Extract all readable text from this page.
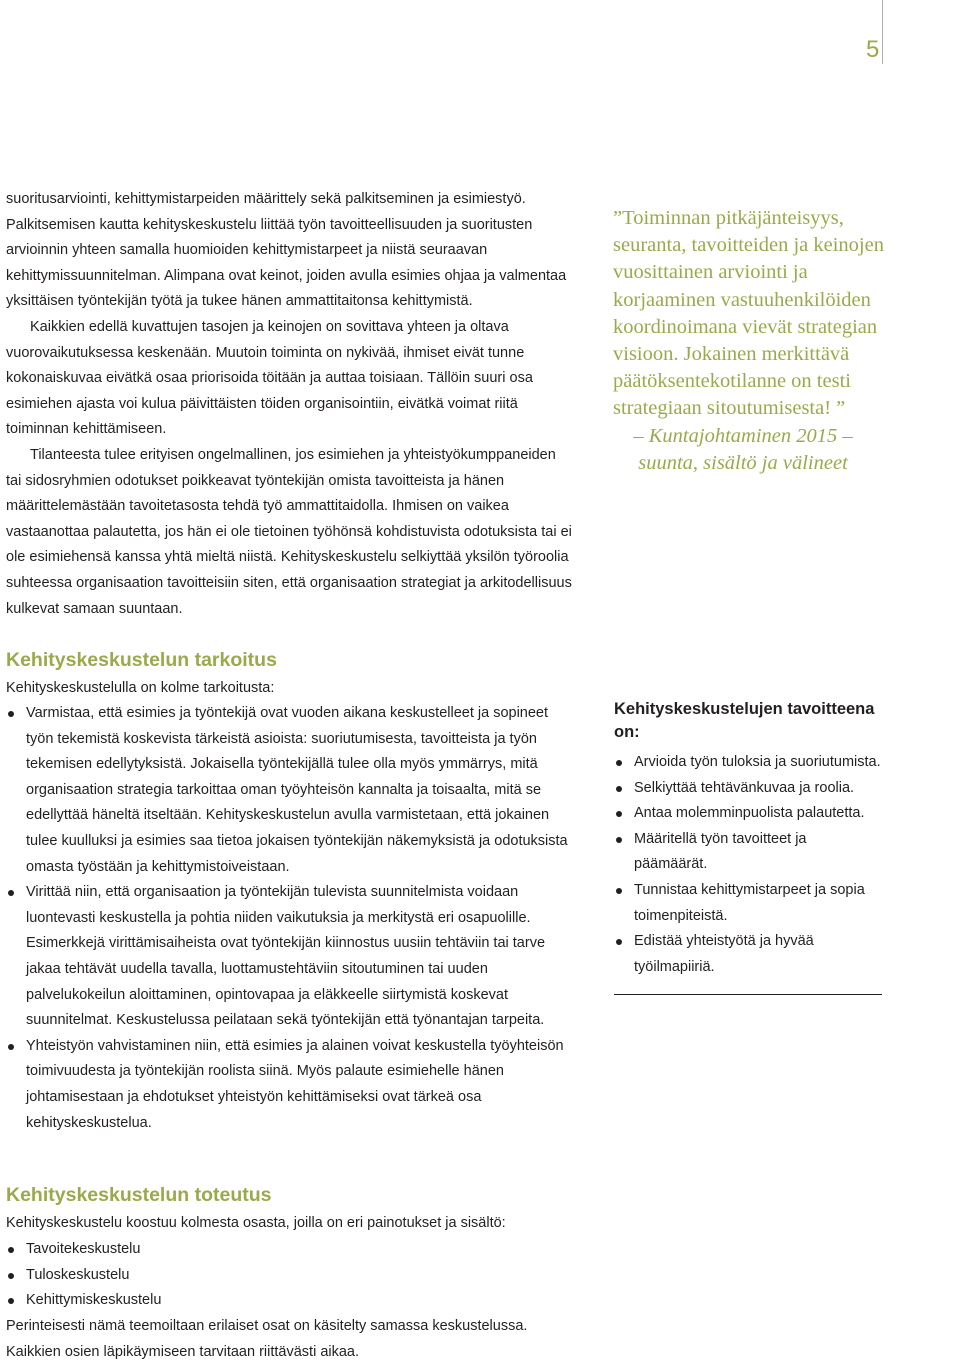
5

suoritusarviointi, kehittymistarpeiden määrittely sekä palkitseminen ja esimiestyö. Palkitsemisen kautta kehityskeskustelu liittää työn tavoitteellisuuden ja suoritusten arvioinnin yhteen samalla huomioiden kehittymistarpeet ja niistä seuraavan kehittymissuunnitelman. Alimpana ovat keinot, joiden avulla esimies ohjaa ja valmentaa yksittäisen työntekijän työtä ja tukee hänen ammattitaitonsa kehittymistä.

Kaikkien edellä kuvattujen tasojen ja keinojen on sovittava yhteen ja oltava vuorovaikutuksessa keskenään. Muutoin toiminta on nykivää, ihmiset eivät tunne kokonaiskuvaa eivätkä osaa priorisoida töitään ja auttaa toisiaan. Tällöin suuri osa esimiehen ajasta voi kulua päivittäisten töiden organisointiin, eivätkä voimat riitä toiminnan kehittämiseen.

Tilanteesta tulee erityisen ongelmallinen, jos esimiehen ja yhteistyökumppaneiden tai sidosryhmien odotukset poikkeavat työntekijän omista tavoitteista ja hänen määrittelemästään tavoitetasosta tehdä työ ammattitaidolla. Ihmisen on vaikea vastaanottaa palautetta, jos hän ei ole tietoinen työhönsä kohdistuvista odotuksista tai ei ole esimiehensä kanssa yhtä mieltä niistä. Kehityskeskustelu selkiyttää yksilön työroolia suhteessa organisaation tavoitteisiin siten, että organisaation strategiat ja arkitodellisuus kulkevat samaan suuntaan.

”Toiminnan pitkäjänteisyys, seuranta, tavoitteiden ja keinojen vuosittainen arviointi ja korjaaminen vastuuhenkilöiden koordinoimana vievät strategian visioon. Jokainen merkittävä päätöksentekotilanne on testi strategiaan sitoutumisesta! ”

– Kuntajohtaminen 2015 –

suunta, sisältö ja välineet

Kehityskeskustelun tarkoitus
Kehityskeskustelulla on kolme tarkoitusta:
Varmistaa, että esimies ja työntekijä ovat vuoden aikana keskustelleet ja sopineet työn tekemistä koskevista tärkeistä asioista: suoriutumisesta, tavoitteista ja työn tekemisen edellytyksistä. Jokaisella työntekijällä tulee olla myös ymmärrys, mitä organisaation strategia tarkoittaa oman työyhteisön kannalta ja toisaalta, mitä se edellyttää häneltä itseltään. Kehityskeskustelun avulla varmistetaan, että jokainen tulee kuulluksi ja esimies saa tietoa jokaisen työntekijän näkemyksistä ja odotuksista omasta työstään ja kehittymistoiveistaan.
Virittää niin, että organisaation ja työntekijän tulevista suunnitelmista voidaan luontevasti keskustella ja pohtia niiden vaikutuksia ja merkitystä eri osapuolille. Esimerkkejä virittämisaiheista ovat työntekijän kiinnostus uusiin tehtäviin tai tarve jakaa tehtävät uudella tavalla, luottamustehtäviin sitoutuminen tai uuden palvelukokeilun aloittaminen, opintovapaa ja eläkkeelle siirtymistä koskevat suunnitelmat. Keskustelussa peilataan sekä työntekijän että työnantajan tarpeita.
Yhteistyön vahvistaminen niin, että esimies ja alainen voivat keskustella työyhteisön toimivuudesta ja työntekijän roolista siinä. Myös palaute esimiehelle hänen johtamisestaan ja ehdotukset yhteistyön kehittämiseksi ovat tärkeä osa kehityskeskustelua.

Kehityskeskustelujen tavoitteena on:

Arvioida työn tuloksia ja suoriutumista.
Selkiyttää tehtävänkuvaa ja roolia.
Antaa molemminpuolista palautetta.
Määritellä työn tavoitteet ja päämäärät.
Tunnistaa kehittymistarpeet ja sopia toimenpiteistä.
Edistää yhteistyötä ja hyvää työilmapiiriä.
Kehityskeskustelun toteutus
Kehityskeskustelu koostuu kolmesta osasta, joilla on eri painotukset ja sisältö:
Tavoitekeskustelu
Tuloskeskustelu
Kehittymiskeskustelu

Perinteisesti nämä teemoiltaan erilaiset osat on käsitelty samassa keskustelussa. Kaikkien osien läpikäymiseen tarvitaan riittävästi aikaa.
